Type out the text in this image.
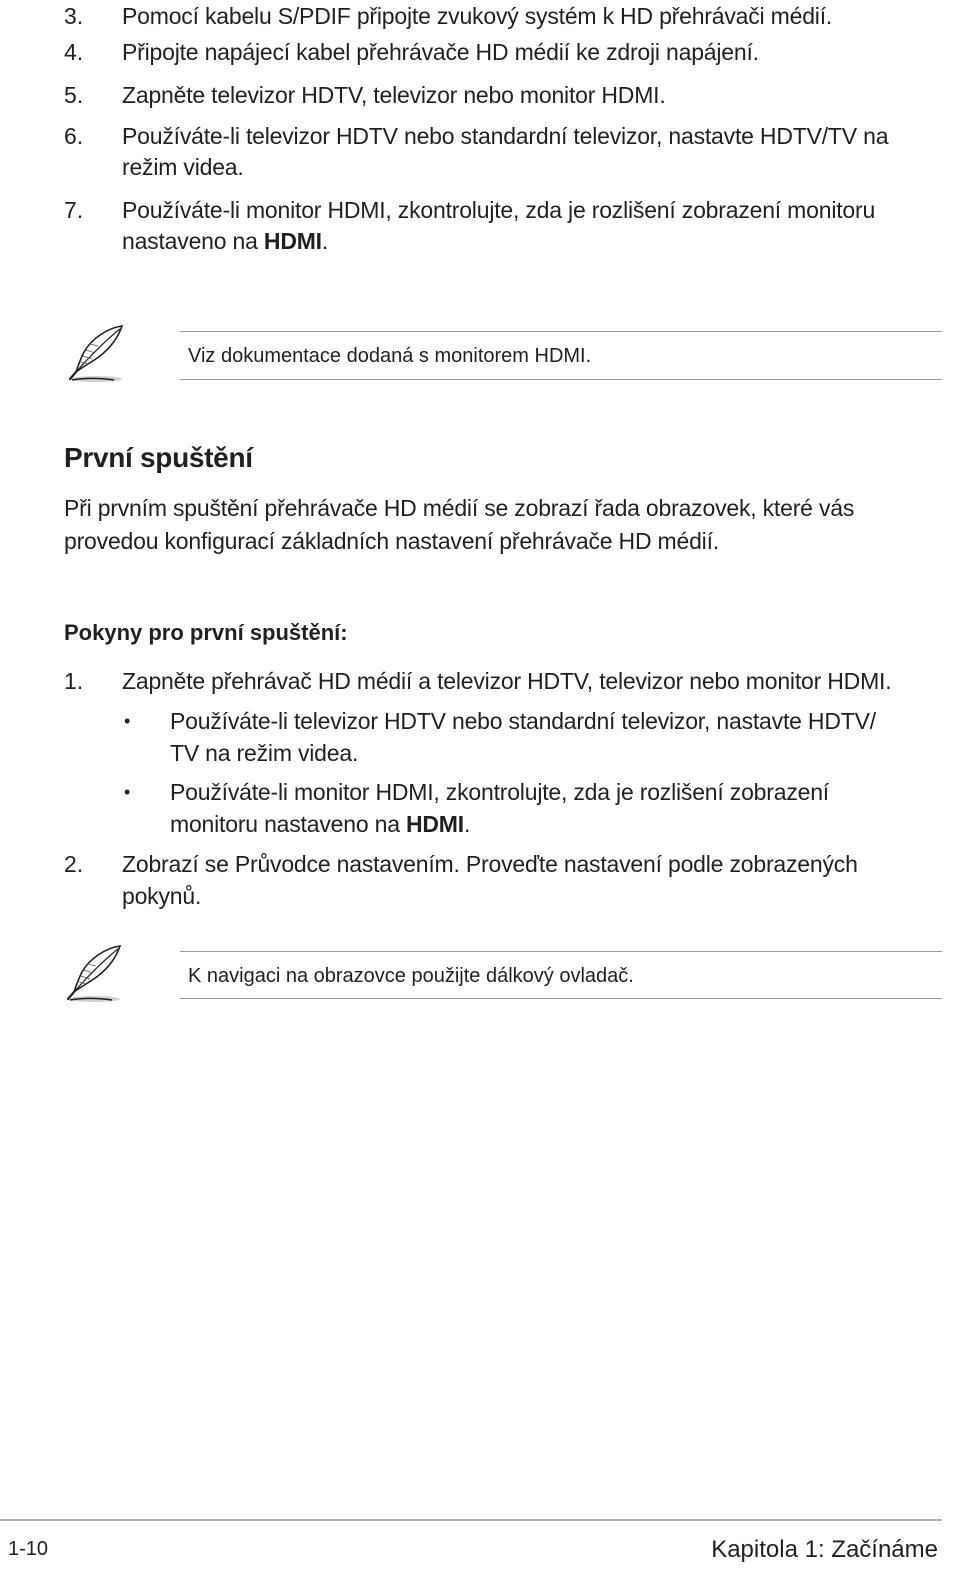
3. Pomocí kabelu S/PDIF připojte zvukový systém k HD přehrávači médií.
4. Připojte napájecí kabel přehrávače HD médií ke zdroji napájení.
5. Zapněte televizor HDTV, televizor nebo monitor HDMI.
6. Používáte-li televizor HDTV nebo standardní televizor, nastavte HDTV/TV na
režim videa.
7. Používáte-li monitor HDMI, zkontrolujte, zda je rozlišení zobrazení monitoru
nastaveno na HDMI.
Viz dokumentace dodaná s monitorem HDMI.
První spuštění
Při prvním spuštění přehrávače HD médií se zobrazí řada obrazovek, které vás
provedou konfigurací základních nastavení přehrávače HD médií.
Pokyny pro první spuštění:
1. Zapněte přehrávač HD médií a televizor HDTV, televizor nebo monitor HDMI.
• Používáte-li televizor HDTV nebo standardní televizor, nastavte HDTV/
TV na režim videa.
• Používáte-li monitor HDMI, zkontrolujte, zda je rozlišení zobrazení
monitoru nastaveno na HDMI.
2. Zobrazí se Průvodce nastavením. Proveďte nastavení podle zobrazených
pokynů.
K navigaci na obrazovce použijte dálkový ovladač.
1-10	Kapitola 1: Začínáme
